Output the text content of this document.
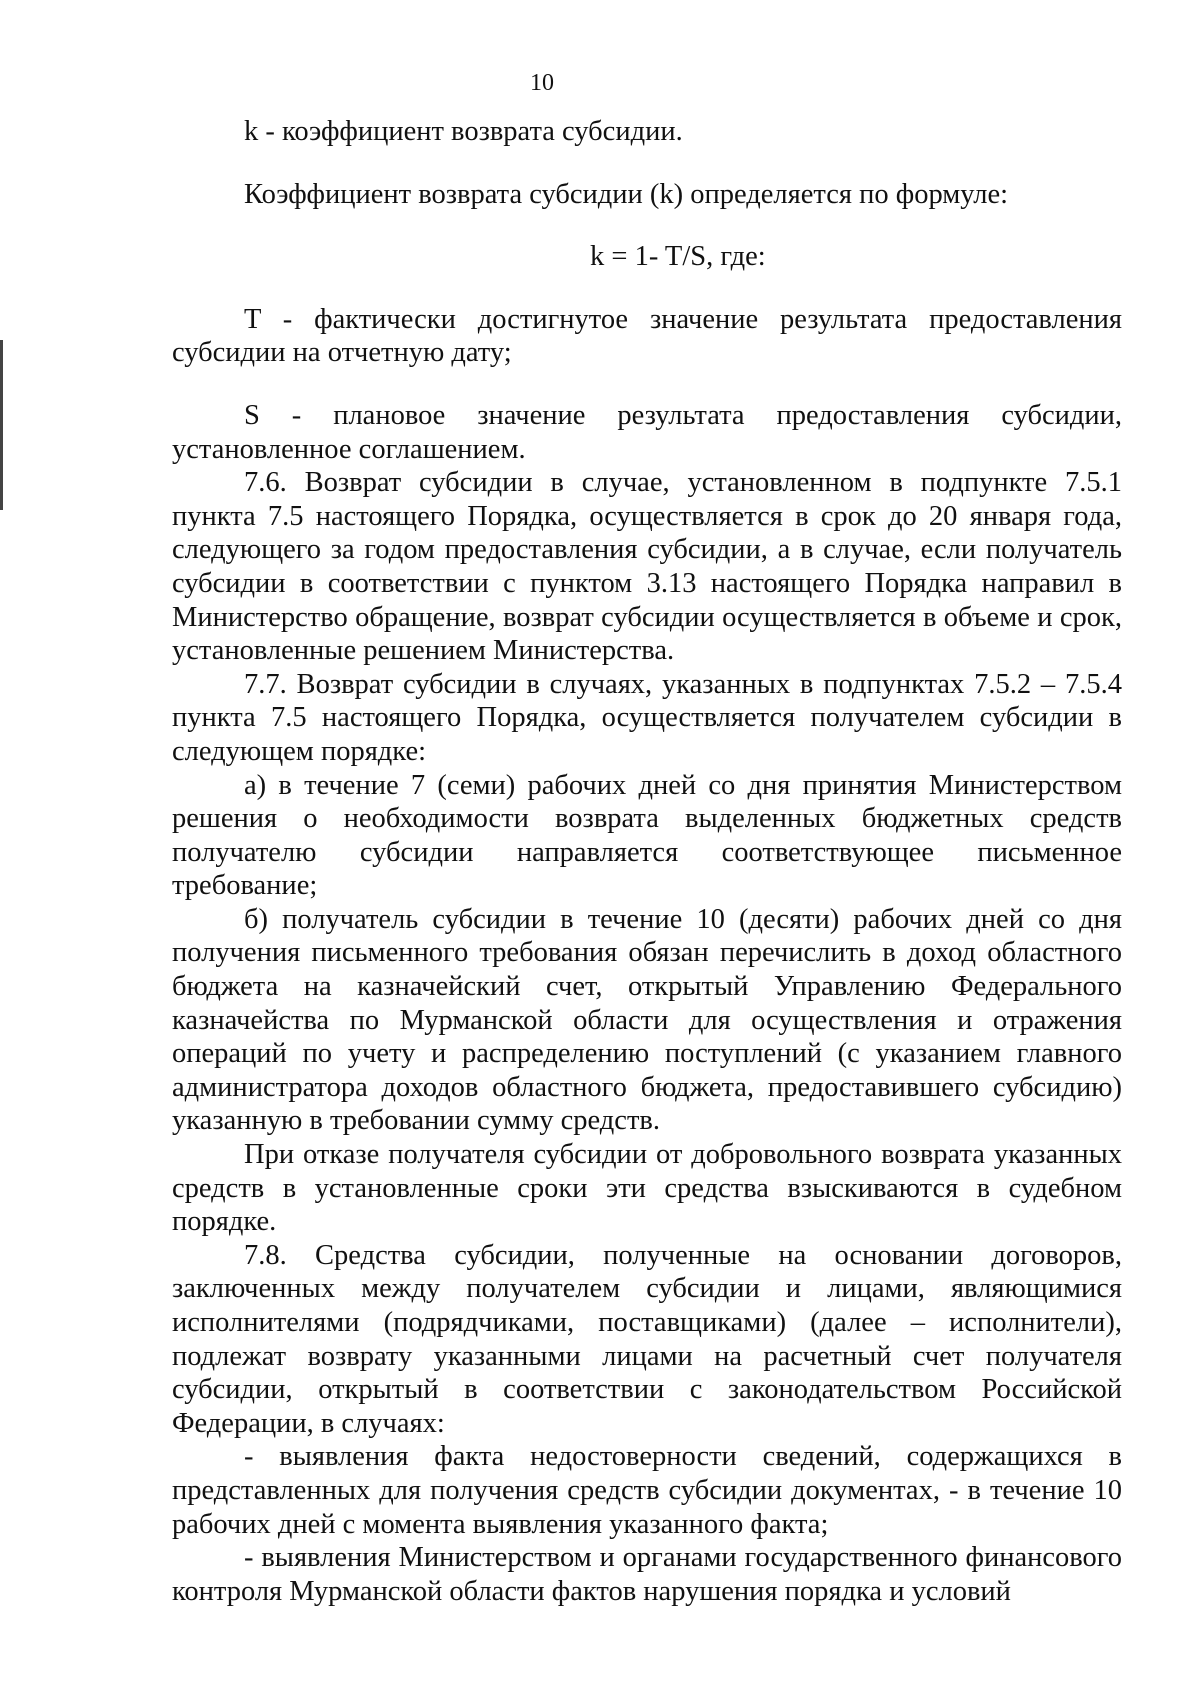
10

k - коэффициент возврата субсидии.

Коэффициент возврата субсидии (k) определяется по формуле:

k = 1- T/S, где:

T - фактически достигнутое значение результата предоставления субсидии на отчетную дату;

S - плановое значение результата предоставления субсидии, установленное соглашением.

7.6. Возврат субсидии в случае, установленном в подпункте 7.5.1 пункта 7.5 настоящего Порядка, осуществляется в срок до 20 января года, следующего за годом предоставления субсидии, а в случае, если получатель субсидии в соответствии с пунктом 3.13 настоящего Порядка направил в Министерство обращение, возврат субсидии осуществляется в объеме и срок, установленные решением Министерства.

7.7. Возврат субсидии в случаях, указанных в подпунктах 7.5.2 – 7.5.4 пункта 7.5 настоящего Порядка, осуществляется получателем субсидии в следующем порядке:

а) в течение 7 (семи) рабочих дней со дня принятия Министерством решения о необходимости возврата выделенных бюджетных средств получателю субсидии направляется соответствующее письменное требование;

б) получатель субсидии в течение 10 (десяти) рабочих дней со дня получения письменного требования обязан перечислить в доход областного бюджета на казначейский счет, открытый Управлению Федерального казначейства по Мурманской области для осуществления и отражения операций по учету и распределению поступлений (с указанием главного администратора доходов областного бюджета, предоставившего субсидию) указанную в требовании сумму средств.

При отказе получателя субсидии от добровольного возврата указанных средств в установленные сроки эти средства взыскиваются в судебном порядке.

7.8. Средства субсидии, полученные на основании договоров, заключенных между получателем субсидии и лицами, являющимися исполнителями (подрядчиками, поставщиками) (далее – исполнители), подлежат возврату указанными лицами на расчетный счет получателя субсидии, открытый в соответствии с законодательством Российской Федерации, в случаях:

- выявления факта недостоверности сведений, содержащихся в представленных для получения средств субсидии документах, - в течение 10 рабочих дней с момента выявления указанного факта;

- выявления Министерством и органами государственного финансового контроля Мурманской области фактов нарушения порядка и условий
